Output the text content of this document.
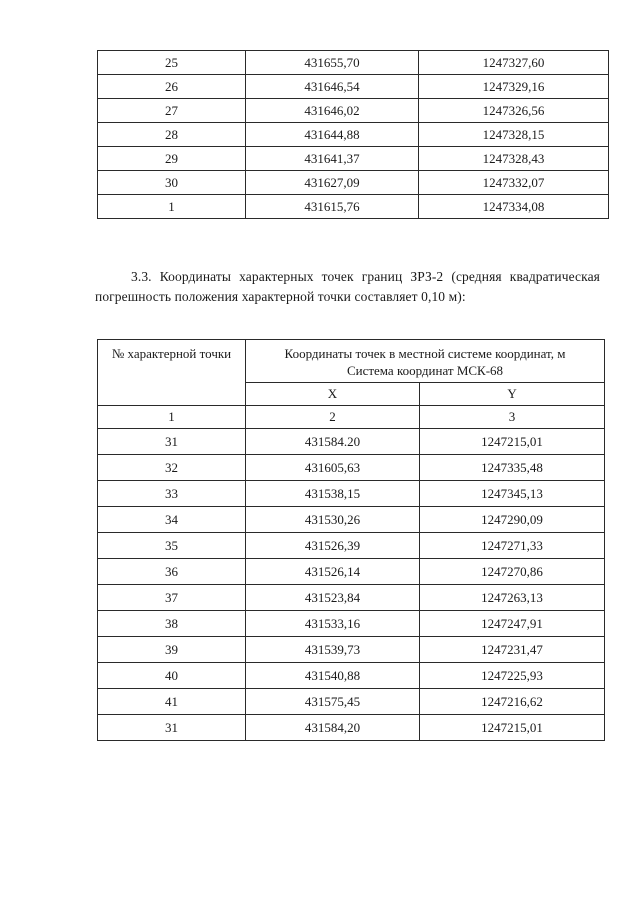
25	431655,70	1247327,60
26	431646,54	1247329,16
27	431646,02	1247326,56
28	431644,88	1247328,15
29	431641,37	1247328,43
30	431627,09	1247332,07
1	431615,76	1247334,08
3.3. Координаты характерных точек границ ЗРЗ-2 (средняя квадратическая погрешность положения характерной точки составляет 0,10 м):
№ характерной точки	Координаты точек в местной системе координат, м
Система координат МСК-68	

	X	Y
1	2	3
31	431584.20	1247215,01
32	431605,63	1247335,48
33	431538,15	1247345,13
34	431530,26	1247290,09
35	431526,39	1247271,33
36	431526,14	1247270,86
37	431523,84	1247263,13
38	431533,16	1247247,91
39	431539,73	1247231,47
40	431540,88	1247225,93
41	431575,45	1247216,62
31	431584,20	1247215,01
